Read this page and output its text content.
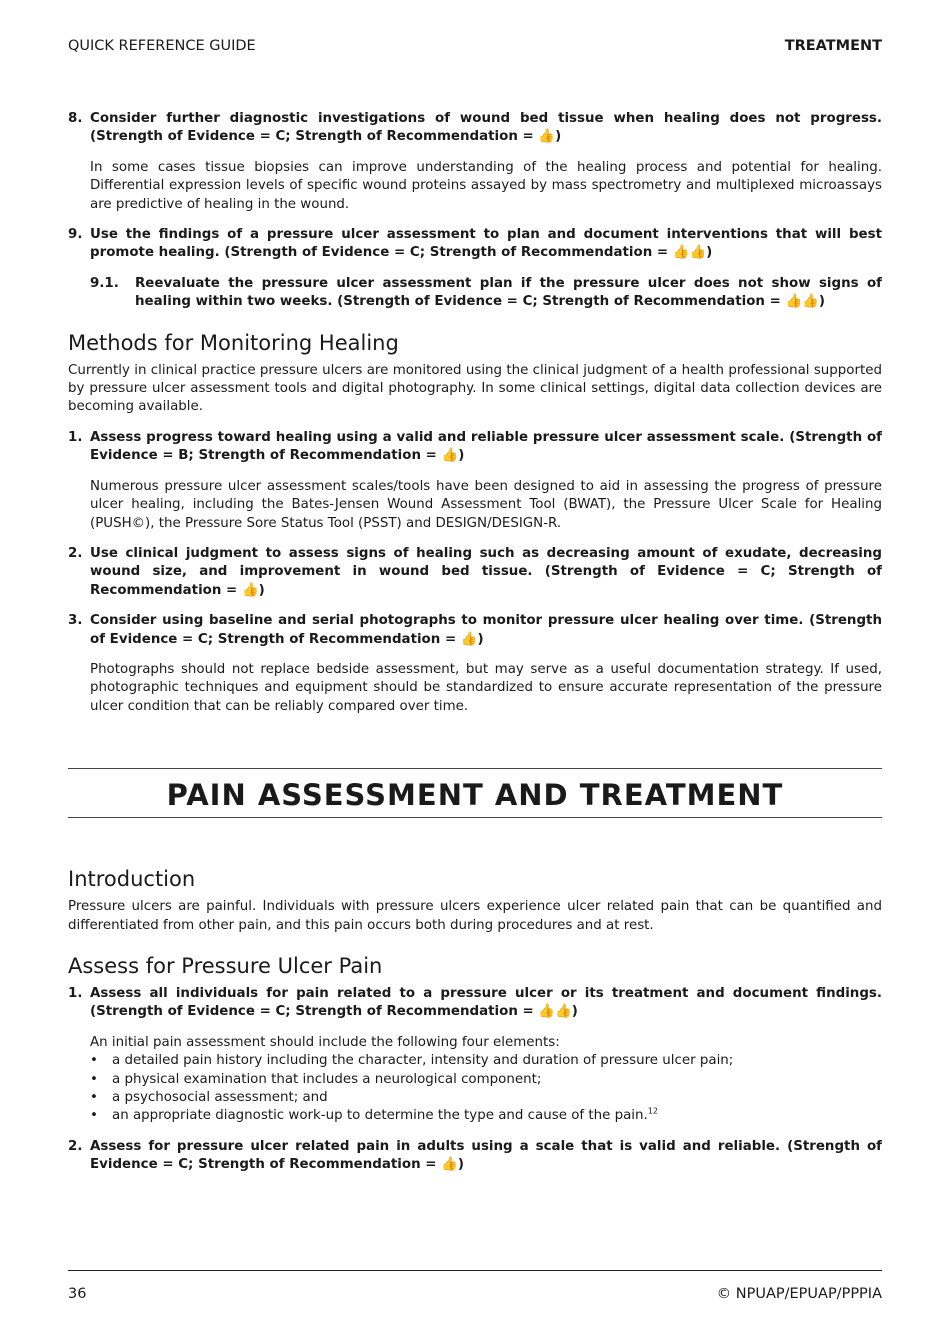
QUICK REFERENCE GUIDE	TREATMENT
8. Consider further diagnostic investigations of wound bed tissue when healing does not progress. (Strength of Evidence = C; Strength of Recommendation = 👍)
In some cases tissue biopsies can improve understanding of the healing process and potential for healing. Differential expression levels of specific wound proteins assayed by mass spectrometry and multiplexed microassays are predictive of healing in the wound.
9. Use the findings of a pressure ulcer assessment to plan and document interventions that will best promote healing. (Strength of Evidence = C; Strength of Recommendation = 👍👍)
9.1. Reevaluate the pressure ulcer assessment plan if the pressure ulcer does not show signs of healing within two weeks. (Strength of Evidence = C; Strength of Recommendation = 👍👍)
Methods for Monitoring Healing
Currently in clinical practice pressure ulcers are monitored using the clinical judgment of a health professional supported by pressure ulcer assessment tools and digital photography. In some clinical settings, digital data collection devices are becoming available.
1. Assess progress toward healing using a valid and reliable pressure ulcer assessment scale. (Strength of Evidence = B; Strength of Recommendation = 👍)
Numerous pressure ulcer assessment scales/tools have been designed to aid in assessing the progress of pressure ulcer healing, including the Bates-Jensen Wound Assessment Tool (BWAT), the Pressure Ulcer Scale for Healing (PUSH©), the Pressure Sore Status Tool (PSST) and DESIGN/DESIGN-R.
2. Use clinical judgment to assess signs of healing such as decreasing amount of exudate, decreasing wound size, and improvement in wound bed tissue. (Strength of Evidence = C; Strength of Recommendation = 👍)
3. Consider using baseline and serial photographs to monitor pressure ulcer healing over time. (Strength of Evidence = C; Strength of Recommendation = 👍)
Photographs should not replace bedside assessment, but may serve as a useful documentation strategy. If used, photographic techniques and equipment should be standardized to ensure accurate representation of the pressure ulcer condition that can be reliably compared over time.
PAIN ASSESSMENT AND TREATMENT
Introduction
Pressure ulcers are painful. Individuals with pressure ulcers experience ulcer related pain that can be quantified and differentiated from other pain, and this pain occurs both during procedures and at rest.
Assess for Pressure Ulcer Pain
1. Assess all individuals for pain related to a pressure ulcer or its treatment and document findings. (Strength of Evidence = C; Strength of Recommendation = 👍👍)
An initial pain assessment should include the following four elements:
• a detailed pain history including the character, intensity and duration of pressure ulcer pain;
• a physical examination that includes a neurological component;
• a psychosocial assessment; and
• an appropriate diagnostic work-up to determine the type and cause of the pain.$^{12}$
2. Assess for pressure ulcer related pain in adults using a scale that is valid and reliable. (Strength of Evidence = C; Strength of Recommendation = 👍)
36	© NPUAP/EPUAP/PPPIA
